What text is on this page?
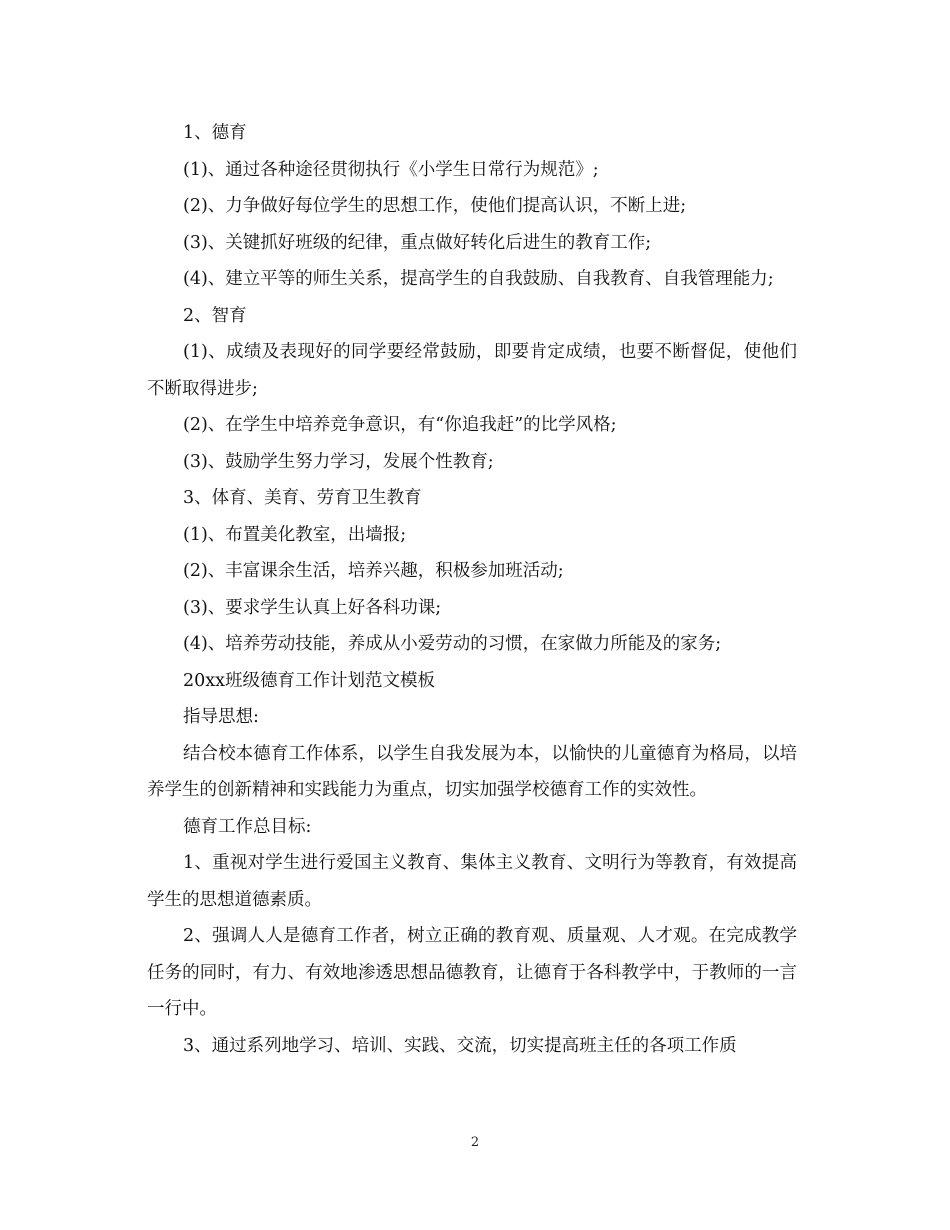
1、德育

(1)、通过各种途径贯彻执行《小学生日常行为规范》;

(2)、力争做好每位学生的思想工作，使他们提高认识，不断上进;

(3)、关键抓好班级的纪律，重点做好转化后进生的教育工作;

(4)、建立平等的师生关系，提高学生的自我鼓励、自我教育、自我管理能力;

2、智育

(1)、成绩及表现好的同学要经常鼓励，即要肯定成绩，也要不断督促，使他们不断取得进步;

(2)、在学生中培养竞争意识，有“你追我赶”的比学风格;

(3)、鼓励学生努力学习，发展个性教育;

3、体育、美育、劳育卫生教育

(1)、布置美化教室，出墙报;

(2)、丰富课余生活，培养兴趣，积极参加班活动;

(3)、要求学生认真上好各科功课;

(4)、培养劳动技能，养成从小爱劳动的习惯，在家做力所能及的家务;

20xx班级德育工作计划范文模板

指导思想:

结合校本德育工作体系，以学生自我发展为本，以愉快的儿童德育为格局，以培养学生的创新精神和实践能力为重点，切实加强学校德育工作的实效性。

德育工作总目标:

1、重视对学生进行爱国主义教育、集体主义教育、文明行为等教育，有效提高学生的思想道德素质。

2、强调人人是德育工作者，树立正确的教育观、质量观、人才观。在完成教学任务的同时，有力、有效地渗透思想品德教育，让德育于各科教学中，于教师的一言一行中。

3、通过系列地学习、培训、实践、交流，切实提高班主任的各项工作质

2
